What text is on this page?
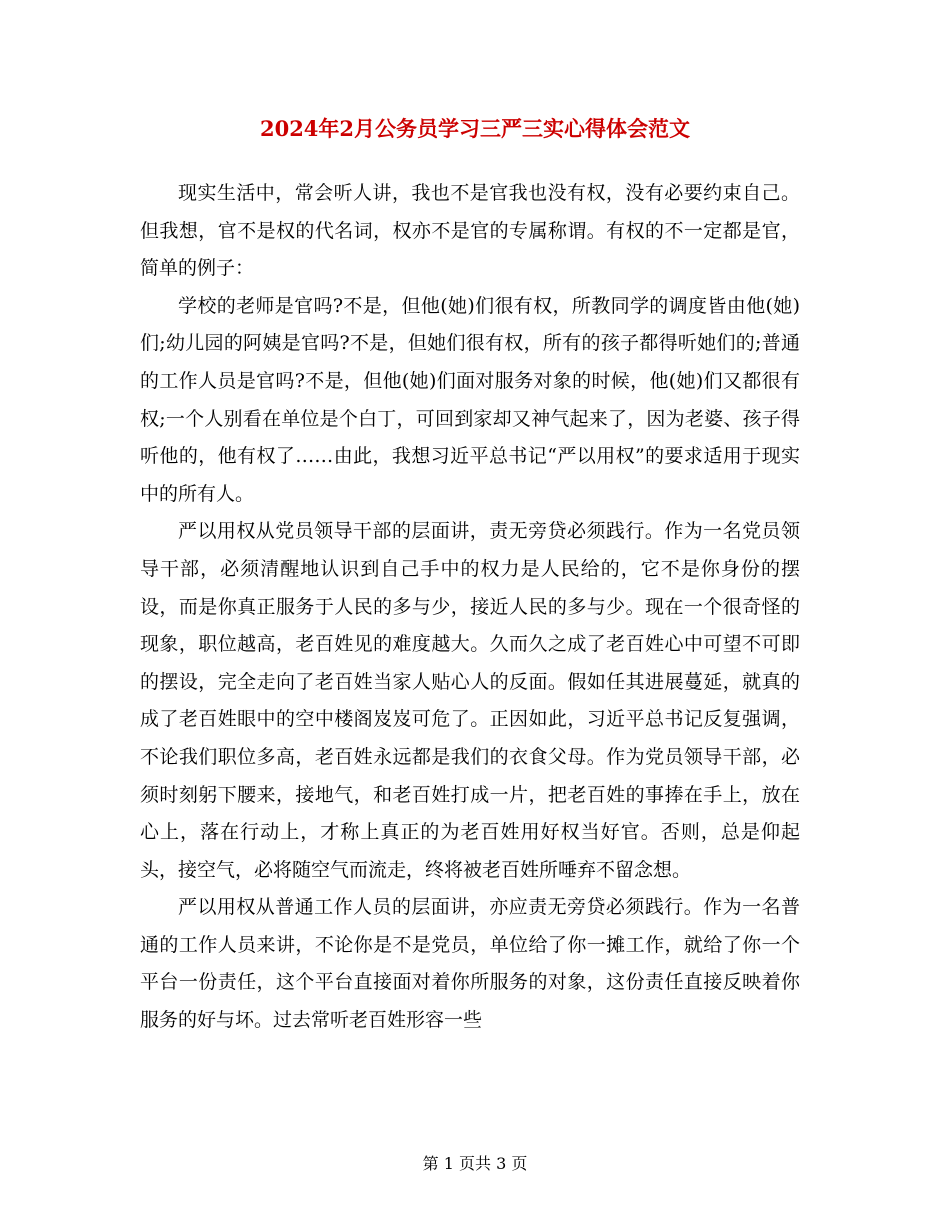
2024年2月公务员学习三严三实心得体会范文

现实生活中，常会听人讲，我也不是官我也没有权，没有必要约束自己。但我想，官不是权的代名词，权亦不是官的专属称谓。有权的不一定都是官，简单的例子：

学校的老师是官吗?不是，但他(她)们很有权，所教同学的调度皆由他(她)们;幼儿园的阿姨是官吗?不是，但她们很有权，所有的孩子都得听她们的;普通的工作人员是官吗?不是，但他(她)们面对服务对象的时候，他(她)们又都很有权;一个人别看在单位是个白丁，可回到家却又神气起来了，因为老婆、孩子得听他的，他有权了……由此，我想习近平总书记“严以用权”的要求适用于现实中的所有人。

严以用权从党员领导干部的层面讲，责无旁贷必须践行。作为一名党员领导干部，必须清醒地认识到自己手中的权力是人民给的，它不是你身份的摆设，而是你真正服务于人民的多与少，接近人民的多与少。现在一个很奇怪的现象，职位越高，老百姓见的难度越大。久而久之成了老百姓心中可望不可即的摆设，完全走向了老百姓当家人贴心人的反面。假如任其进展蔓延，就真的成了老百姓眼中的空中楼阁岌岌可危了。正因如此，习近平总书记反复强调，不论我们职位多高，老百姓永远都是我们的衣食父母。作为党员领导干部，必须时刻躬下腰来，接地气，和老百姓打成一片，把老百姓的事捧在手上，放在心上，落在行动上，才称上真正的为老百姓用好权当好官。否则，总是仰起头，接空气，必将随空气而流走，终将被老百姓所唾弃不留念想。

严以用权从普通工作人员的层面讲，亦应责无旁贷必须践行。作为一名普通的工作人员来讲，不论你是不是党员，单位给了你一摊工作，就给了你一个平台一份责任，这个平台直接面对着你所服务的对象，这份责任直接反映着你服务的好与坏。过去常听老百姓形容一些

第 1 页共 3 页
